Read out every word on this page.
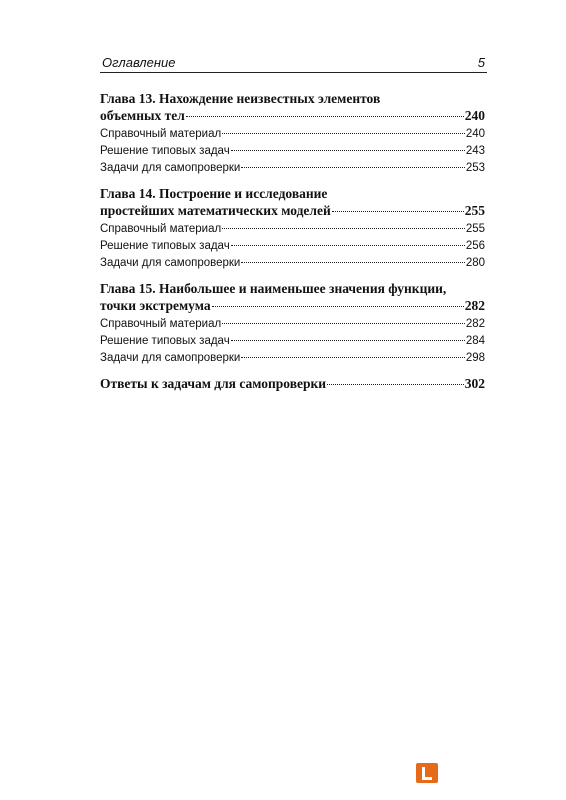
Оглавление	5
Глава 13. Нахождение неизвестных элементов
объемных тел	240
Справочный материал	240
Решение типовых задач	243
Задачи для самопроверки	253
Глава 14. Построение и исследование
простейших математических моделей	255
Справочный материал	255
Решение типовых задач	256
Задачи для самопроверки	280
Глава 15. Наибольшее и наименьшее значения функции,
точки экстремума	282
Справочный материал	282
Решение типовых задач	284
Задачи для самопроверки	298
Ответы к задачам для самопроверки	302
